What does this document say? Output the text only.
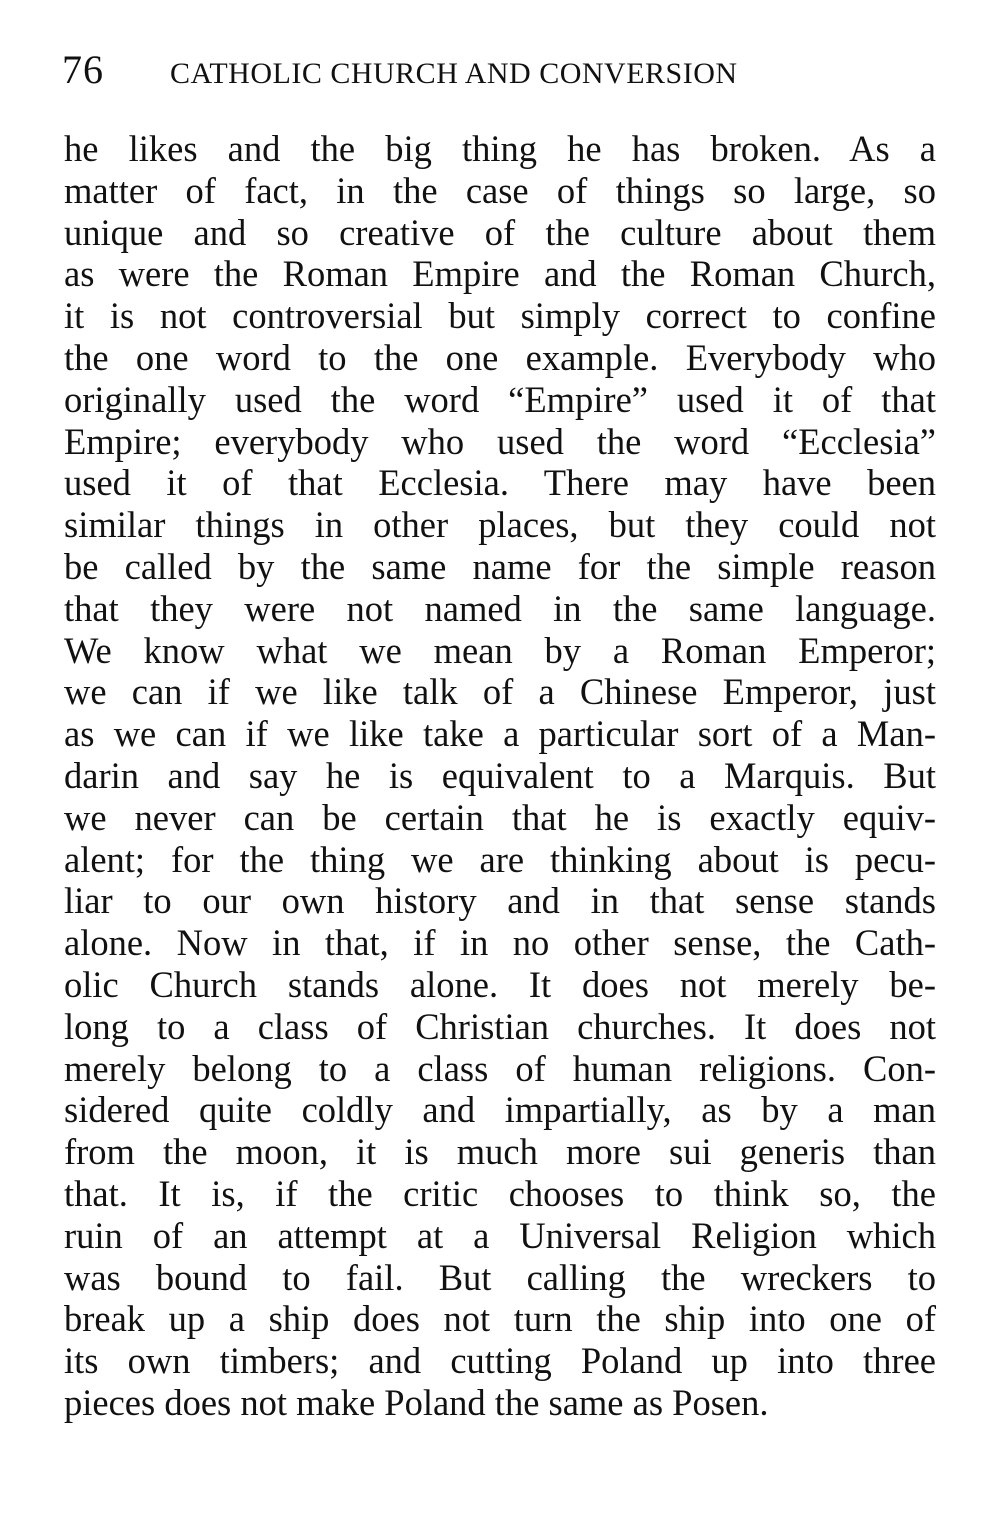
76 CATHOLIC CHURCH AND CONVERSION
he likes and the big thing he has broken. As a
matter of fact, in the case of things so large, so
unique and so creative of the culture about them
as were the Roman Empire and the Roman Church,
it is not controversial but simply correct to confine
the one word to the one example. Everybody who
originally used the word “Empire” used it of that
Empire; everybody who used the word “Ecclesia”
used it of that Ecclesia. There may have been
similar things in other places, but they could not
be called by the same name for the simple reason
that they were not named in the same language.
We know what we mean by a Roman Emperor;
we can if we like talk of a Chinese Emperor, just
as we can if we like take a particular sort of a Man-
darin and say he is equivalent to a Marquis. But
we never can be certain that he is exactly equiv-
alent; for the thing we are thinking about is pecu-
liar to our own history and in that sense stands
alone. Now in that, if in no other sense, the Cath-
olic Church stands alone. It does not merely be-
long to a class of Christian churches. It does not
merely belong to a class of human religions. Con-
sidered quite coldly and impartially, as by a man
from the moon, it is much more sui generis than
that. It is, if the critic chooses to think so, the
ruin of an attempt at a Universal Religion which
was bound to fail. But calling the wreckers to
break up a ship does not turn the ship into one of
its own timbers; and cutting Poland up into three
pieces does not make Poland the same as Posen.
